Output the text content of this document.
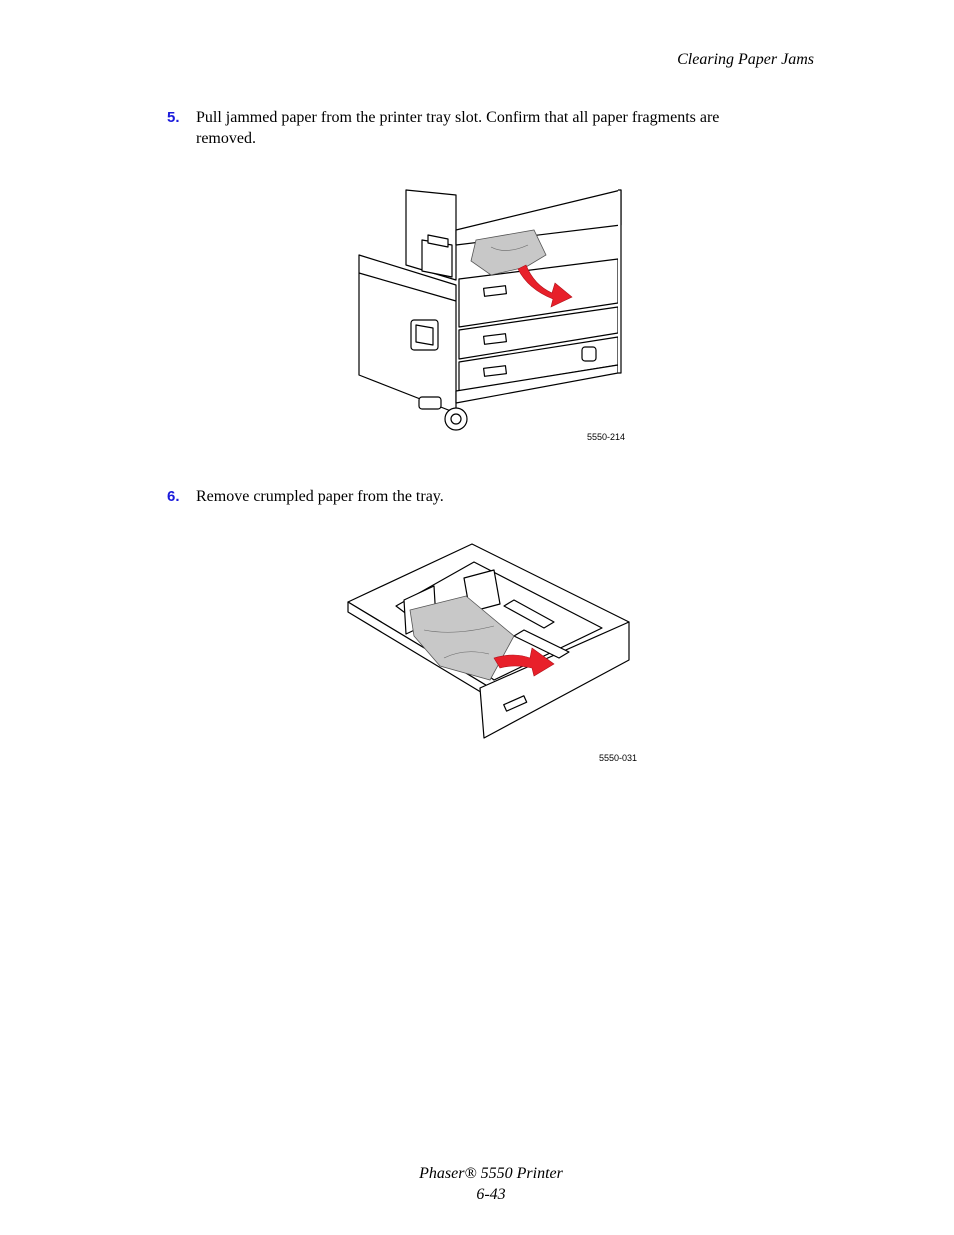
Clearing Paper Jams
5. Pull jammed paper from the printer tray slot. Confirm that all paper fragments are removed.
5550-214
6. Remove crumpled paper from the tray.
5550-031
Phaser® 5550 Printer
6-43
